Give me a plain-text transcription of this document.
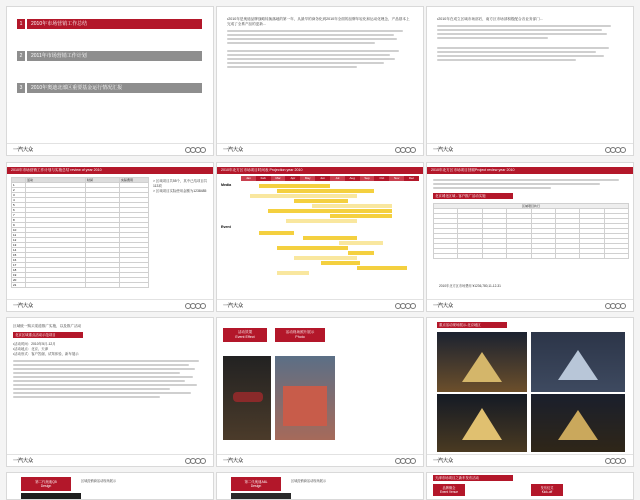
1	2010年市场营销工作总结
2	2011年市场营销工作计划
3	2010年奥迪北部区重要基金运行情况汇报
一汽大众
•2010年是奥迪品牌战略转换落地的第一年，从最早的商务化到2010年全面的品牌年轻化和运动化理念，产品基本上完成了全系产品的更新...
一汽大众
•2010年在成立区域市场部后，南方区市场部积极配合各业务部门...
一汽大众
2010年市场营销工作计划与实施总结 review of year 2010
	活动	时间	实际费用
1			
2			
3			
4			
5			
6			
7			
8			
9			
10			
11			
12			
13			
14			
15			
16			
17			
18			
19			
20			
21			
> 区域项目共55个，其中已结项目共113项
> 区域项目实际使用金额为1238485
一汽大众
2010年北方区市场项目时间表 Projection year 2010
Jan	Feb	Mar	Apr	May	Jun	Jul	Aug	Sep	Oct	Nov	Dec
Media
Event
一汽大众
2010年北方区市场项目回顾Project review year 2010
北京城北区域 - 客户推广活动实施
区域项目执行							

2010年北方区市场费用 ¥1236,780,11-12-31
一汽大众
区域统一购买渠道推广实施，以及推广活动
北京区域重点活动示范项目
•活动时间：2010年5月-12月
•活动地点：北京、天津
•活动形式：客户答谢、试驾体验、新车展示
一汽大众
活动效果
Event Effect
活动现场照片展示
Photo
一汽大众
重点活动现场展示-北京地区
一汽大众
第二代奥迪Q5
Design
区域经销商活动现场展示	第二代奥迪A6L
Design
区域经销商活动现场展示
天津市场项目之新车发布活动
品牌概念
Event Venue
发布仪式
Kick-off
